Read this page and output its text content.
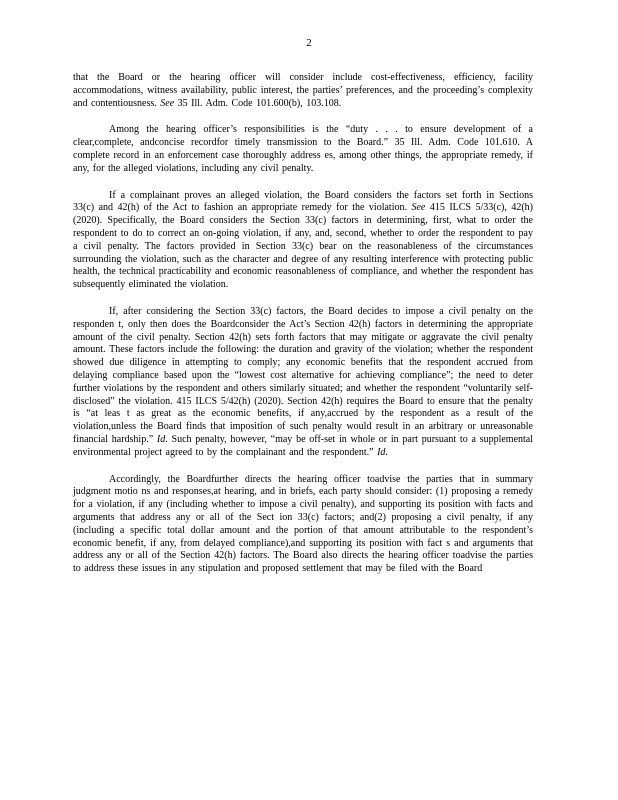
2

that the Board or the hearing officer will consider include cost-effectiveness, efficiency, facility accommodations, witness availability, public interest, the parties’ preferences, and the proceeding’s complexity and contentiousness. See 35 Ill. Adm. Code 101.600(b), 103.108.

Among the hearing officer’s responsibilities is the “duty . . . to ensure development of a clear,complete, andconcise recordfor timely transmission to the Board.” 35 Ill. Adm. Code 101.610. A complete record in an enforcement case thoroughly address es, among other things, the appropriate remedy, if any, for the alleged violations, including any civil penalty.

If a complainant proves an alleged violation, the Board considers the factors set forth in Sections 33(c) and 42(h) of the Act to fashion an appropriate remedy for the violation. See 415 ILCS 5/33(c), 42(h) (2020). Specifically, the Board considers the Section 33(c) factors in determining, first, what to order the respondent to do to correct an on-going violation, if any, and, second, whether to order the respondent to pay a civil penalty. The factors provided in Section 33(c) bear on the reasonableness of the circumstances surrounding the violation, such as the character and degree of any resulting interference with protecting public health, the technical practicability and economic reasonableness of compliance, and whether the respondent has subsequently eliminated the violation.

If, after considering the Section 33(c) factors, the Board decides to impose a civil penalty on the responden t, only then does the Boardconsider the Act’s Section 42(h) factors in determining the appropriate amount of the civil penalty. Section 42(h) sets forth factors that may mitigate or aggravate the civil penalty amount. These factors include the following: the duration and gravity of the violation; whether the respondent showed due diligence in attempting to comply; any economic benefits that the respondent accrued from delaying compliance based upon the “lowest cost alternative for achieving compliance”; the need to deter further violations by the respondent and others similarly situated; and whether the respondent “voluntarily self-disclosed” the violation. 415 ILCS 5/42(h) (2020). Section 42(h) requires the Board to ensure that the penalty is “at leas t as great as the economic benefits, if any,accrued by the respondent as a result of the violation,unless the Board finds that imposition of such penalty would result in an arbitrary or unreasonable financial hardship.” Id. Such penalty, however, “may be off-set in whole or in part pursuant to a supplemental environmental project agreed to by the complainant and the respondent.” Id.

Accordingly, the Boardfurther directs the hearing officer toadvise the parties that in summary judgment motio ns and responses,at hearing, and in briefs, each party should consider: (1) proposing a remedy for a violation, if any (including whether to impose a civil penalty), and supporting its position with facts and arguments that address any or all of the Sect ion 33(c) factors; and(2) proposing a civil penalty, if any (including a specific total dollar amount and the portion of that amount attributable to the respondent’s economic benefit, if any, from delayed compliance),and supporting its position with fact s and arguments that address any or all of the Section 42(h) factors. The Board also directs the hearing officer toadvise the parties to address these issues in any stipulation and proposed settlement that may be filed with the Board
